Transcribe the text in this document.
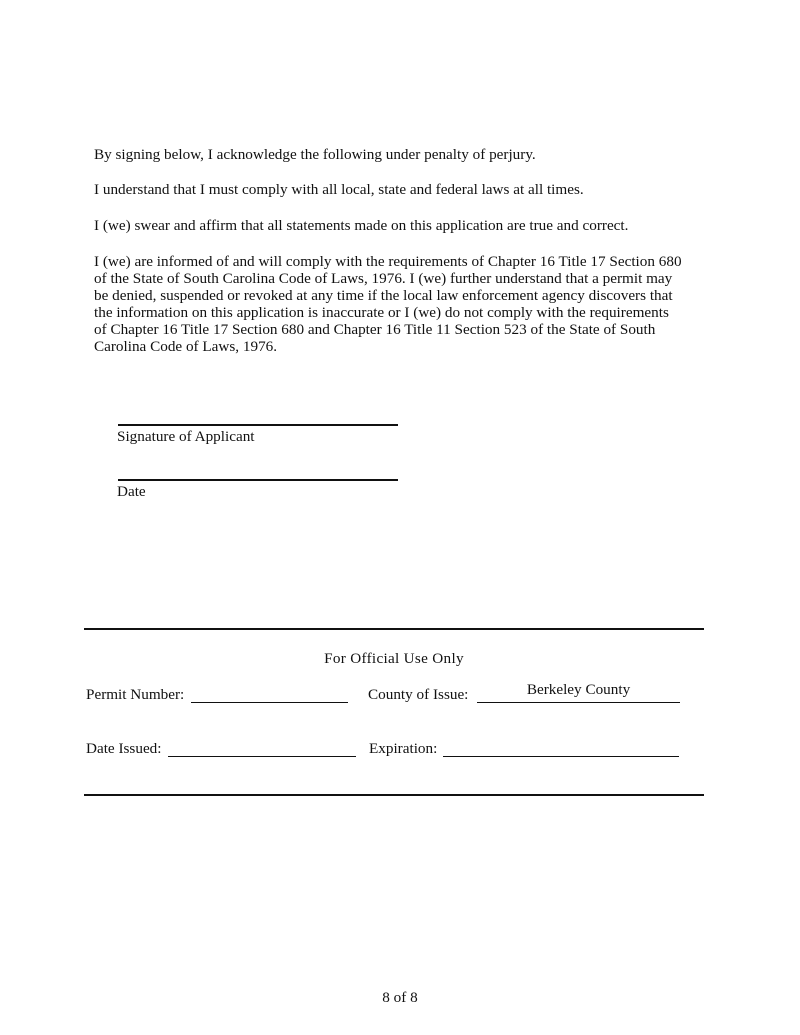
By signing below, I acknowledge the following under penalty of perjury.

I understand that I must comply with all local, state and federal laws at all times.

I (we) swear and affirm that all statements made on this application are true and correct.

I (we) are informed of and will comply with the requirements of Chapter 16 Title 17 Section 680
of the State of South Carolina Code of Laws, 1976. I (we) further understand that a permit may
be denied, suspended or revoked at any time if the local law enforcement agency discovers that
the information on this application is inaccurate or I (we) do not comply with the requirements
of Chapter 16 Title 17 Section 680 and Chapter 16 Title 11 Section 523 of the State of South
Carolina Code of Laws, 1976.
Signature of Applicant
Date
For Official Use Only
Permit Number:	County of Issue:	Berkeley County
Date Issued:	Expiration:
8 of 8
